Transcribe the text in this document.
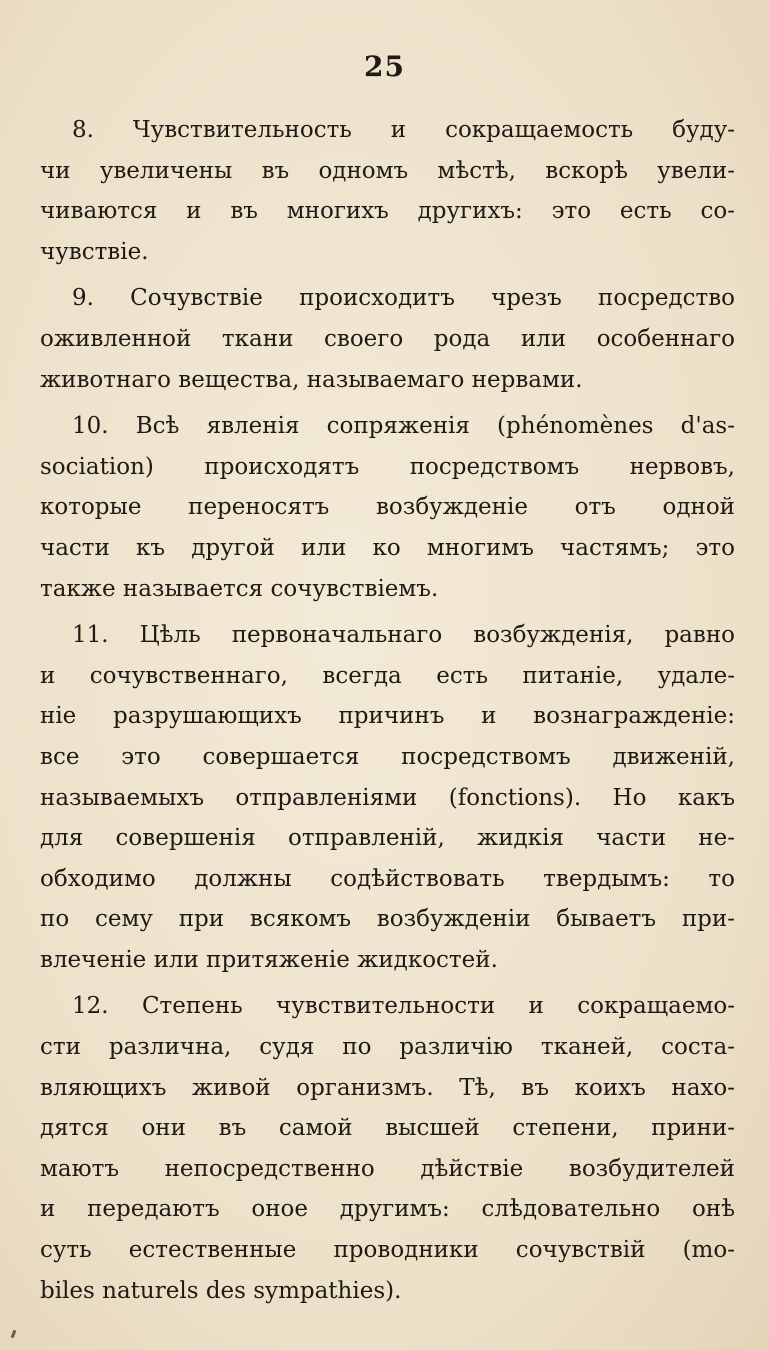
25

8. Чувствительность и сокращаемость буду-
чи увеличены въ одномъ мѣстѣ, вскорѣ увели-
чиваются и въ многихъ другихъ: это есть со-
чувствіе.

9. Сочувствіе происходитъ чрезъ посредство
оживленной ткани своего рода или особеннаго
животнаго вещества, называемаго нервами.

10. Всѣ явленія сопряженія (phénomènes d'as-
sociation) происходятъ посредствомъ нервовъ,
которые переносятъ возбужденіе отъ одной
части къ другой или ко многимъ частямъ; это
также называется сочувствіемъ.

11. Цѣль первоначальнаго возбужденія, равно
и сочувственнаго, всегда есть питаніе, удале-
ніе разрушающихъ причинъ и вознагражденіе:
все это совершается посредствомъ движеній,
называемыхъ отправленіями (fonctions). Но какъ
для совершенія отправленій, жидкія части не-
обходимо должны содѣйствовать твердымъ: то
по сему при всякомъ возбужденіи бываетъ при-
влеченіе или притяженіе жидкостей.

12. Степень чувствительности и сокращаемо-
сти различна, судя по различію тканей, соста-
вляющихъ живой организмъ. Тѣ, въ коихъ нахо-
дятся они въ самой высшей степени, прини-
маютъ непосредственно дѣйствіе возбудителей
и передаютъ оное другимъ: слѣдовательно онѣ
суть естественные проводники сочувствій (mo-
biles naturels des sympathies).
